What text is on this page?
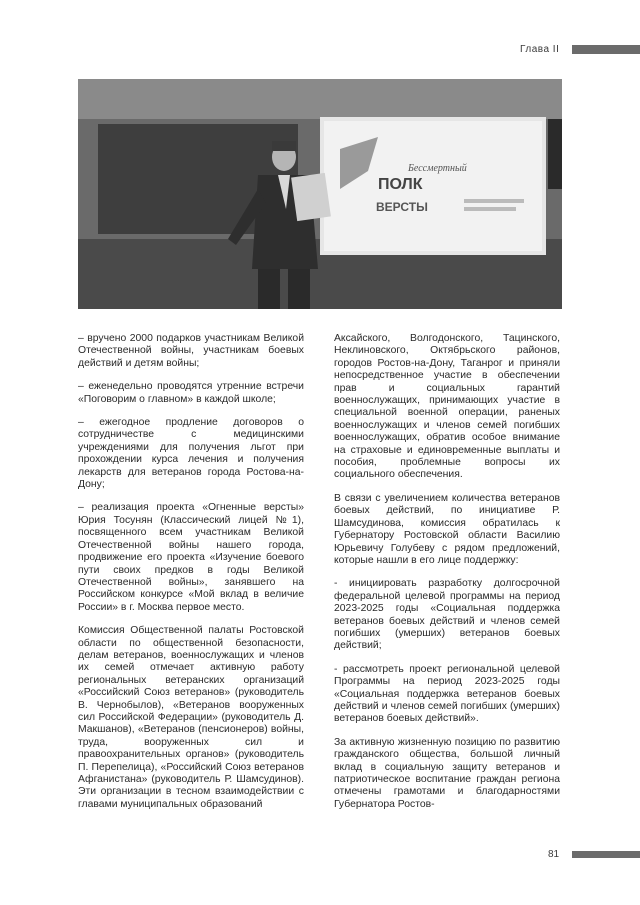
Глава II
Бессмертный
ПОЛК
ВЕРСТЫ

– вручено 2000 подарков участникам Великой Отечественной войны, участникам боевых действий и детям войны;

– еженедельно проводятся утренние встречи «Поговорим о главном» в каждой школе;

– ежегодное продление договоров о сотрудничестве с медицинскими учреждениями для получения льгот при прохождении курса лечения и получения лекарств для ветеранов города Ростова-на-Дону;

– реализация проекта «Огненные версты» Юрия Тосунян (Классический лицей №1), посвященного всем участникам Великой Отечественной войны нашего города, продвижение его проекта «Изучение боевого пути своих предков в годы Великой Отечественной войны», занявшего на Российском конкурсе «Мой вклад в величие России» в г. Москва первое место.

Комиссия Общественной палаты Ростовской области по общественной безопасности, делам ветеранов, военнослужащих и членов их семей отмечает активную работу региональных ветеранских организаций «Российский Союз ветеранов» (руководитель В. Чернобылов), «Ветеранов вооруженных сил Российской Федерации» (руководитель Д. Макшанов), «Ветеранов (пенсионеров) войны, труда, вооруженных сил и правоохранительных органов» (руководитель П. Перепелица), «Российский Союз ветеранов Афганистана» (руководитель Р. Шамсудинов). Эти организации в тесном взаимодействии с главами муниципальных образований

Аксайского, Волгодонского, Тацинского, Неклиновского, Октябрьского районов, городов Ростов-на-Дону, Таганрог и приняли непосредственное участие в обеспечении прав и социальных гарантий военнослужащих, принимающих участие в специальной военной операции, раненых военнослужащих и членов семей погибших военнослужащих, обратив особое внимание на страховые и единовременные выплаты и пособия, проблемные вопросы их социального обеспечения.

В связи с увеличением количества ветеранов боевых действий, по инициативе Р. Шамсудинова, комиссия обратилась к Губернатору Ростовской области Василию Юрьевичу Голубеву с рядом предложений, которые нашли в его лице поддержку:

- инициировать разработку долгосрочной федеральной целевой программы на период 2023-2025 годы «Социальная поддержка ветеранов боевых действий и членов семей погибших (умерших) ветеранов боевых действий;

- рассмотреть проект региональной целевой Программы на период 2023-2025 годы «Социальная поддержка ветеранов боевых действий и членов семей погибших (умерших) ветеранов боевых действий».

За активную жизненную позицию по развитию гражданского общества, большой личный вклад в социальную защиту ветеранов и патриотическое воспитание граждан региона отмечены грамотами и благодарностями Губернатора Ростов-

81
